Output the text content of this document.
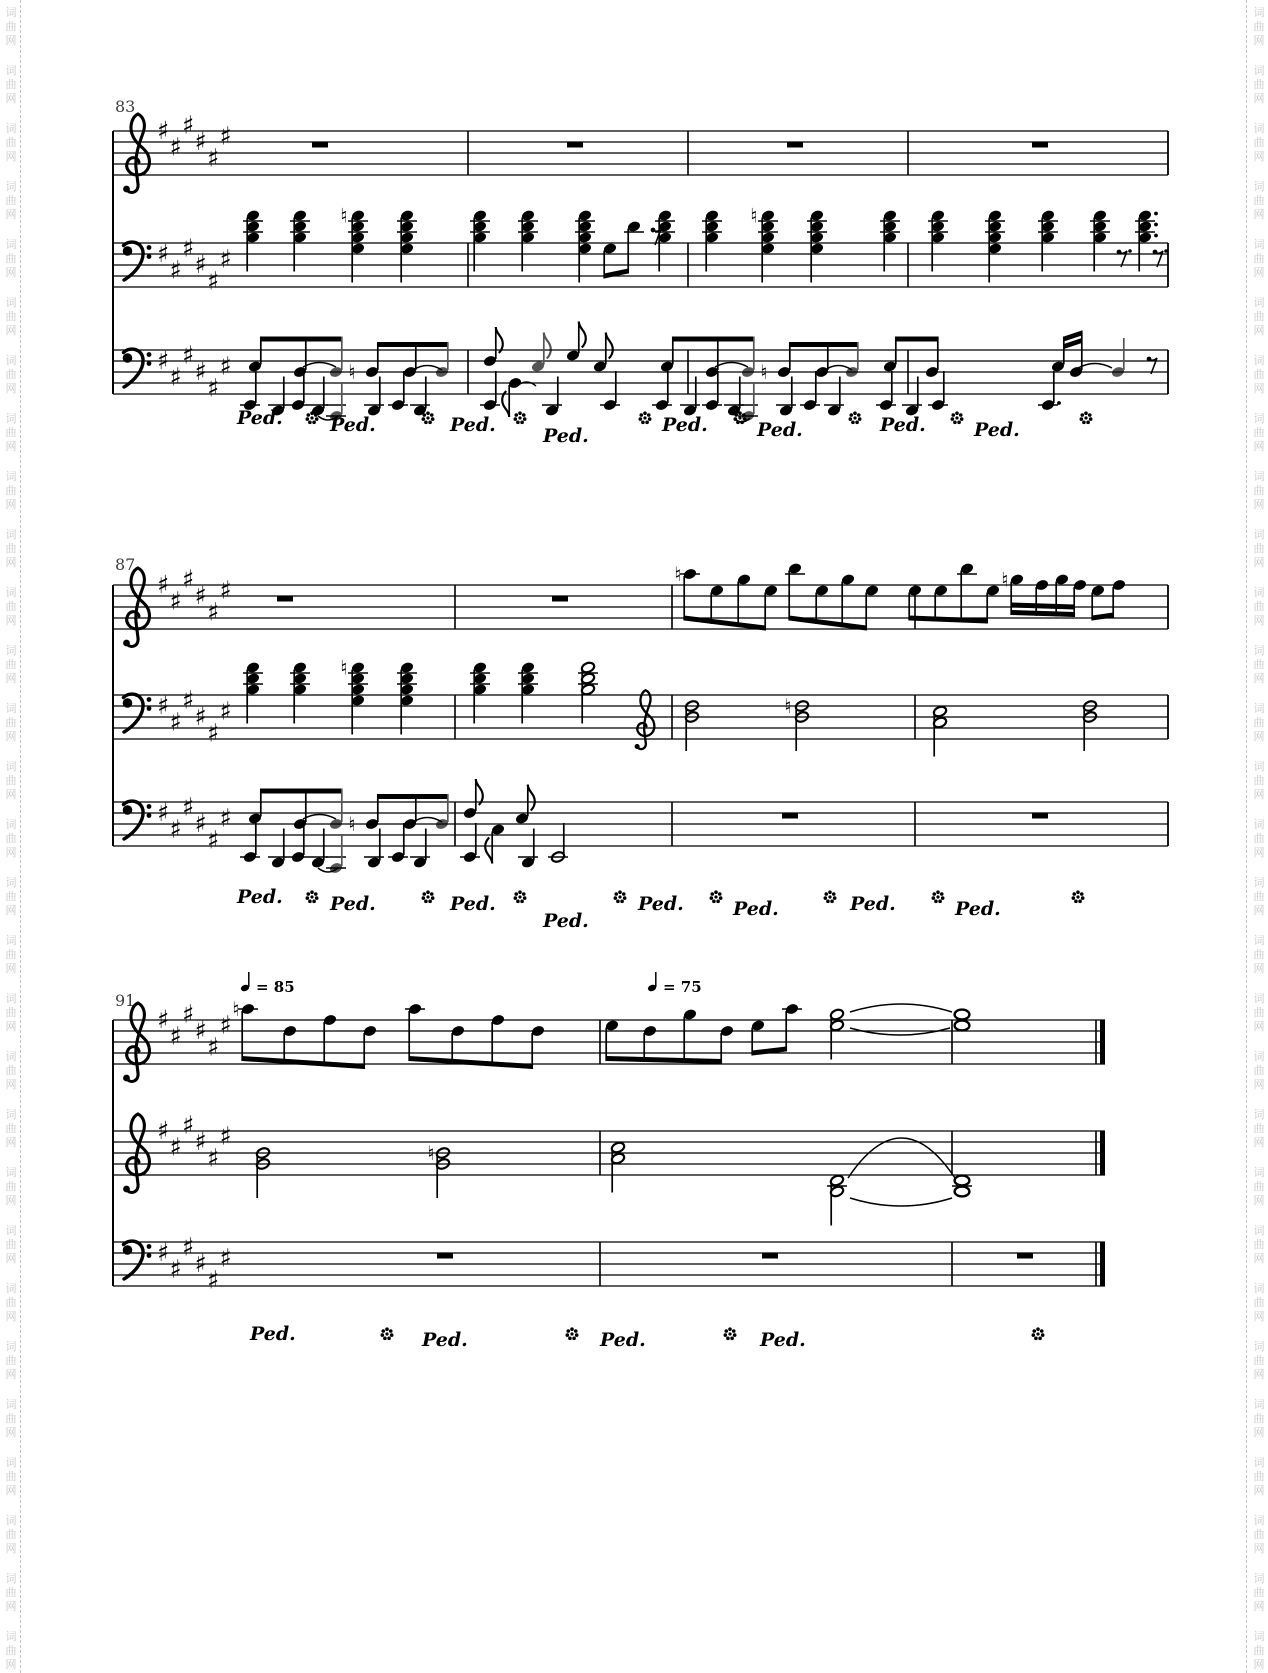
词
曲
网
词
曲
网
词
曲
网
词
曲
网
词
曲
网
词
曲
网
词
曲
网
词
曲
网
词
曲
网
词
曲
网
词
曲
网
词
曲
网
词
曲
网
词
曲
网
词
曲
网
词
曲
网
词
曲
网
词
曲
网
词
曲
网
词
曲
网
词
曲
网
词
曲
网
词
曲
网
词
曲
网
词
曲
网
词
曲
网
词
曲
网
词
曲
网
词
曲
网
83
♯
♯
♯
♯
♯
♯
♯
♯
♯
♯
♯
♯
♮	♮
♯
♯
♯
♯
♯
♯	♮	♮
Ped. Ped.	Ped. Ped.	Ped.	Ped.	Ped.	Ped.
87
♯
♯
♯
♯
♯
♯
♮	♮
♯
♯
♯
♯
♯
♯
♮
♮
♯
♯
♯
♯
♯
♯	♮
Ped. Ped.	Ped.
Ped.
Ped.	Ped.	Ped.	Ped.
91
♯
♯
♯
♯
♯
♯
♮
♯
♯
♯
♯
♯
♯
♮
♯
♯
♯
♯
♯
♯
= 85	= 75
Ped.	Ped.	Ped.	Ped.
词
曲
网
词
曲
网
词
曲
网
词
曲
网
词
曲
网
词
曲
网
词
曲
网
词
曲
网
词
曲
网
词
曲
网
词
曲
网
词
曲
网
词
曲
网
词
曲
网
词
曲
网
词
曲
网
词
曲
网
词
曲
网
词
曲
网
词
曲
网
词
曲
网
词
曲
网
词
曲
网
词
曲
网
词
曲
网
词
曲
网
词
曲
网
词
曲
网
词
曲
网
